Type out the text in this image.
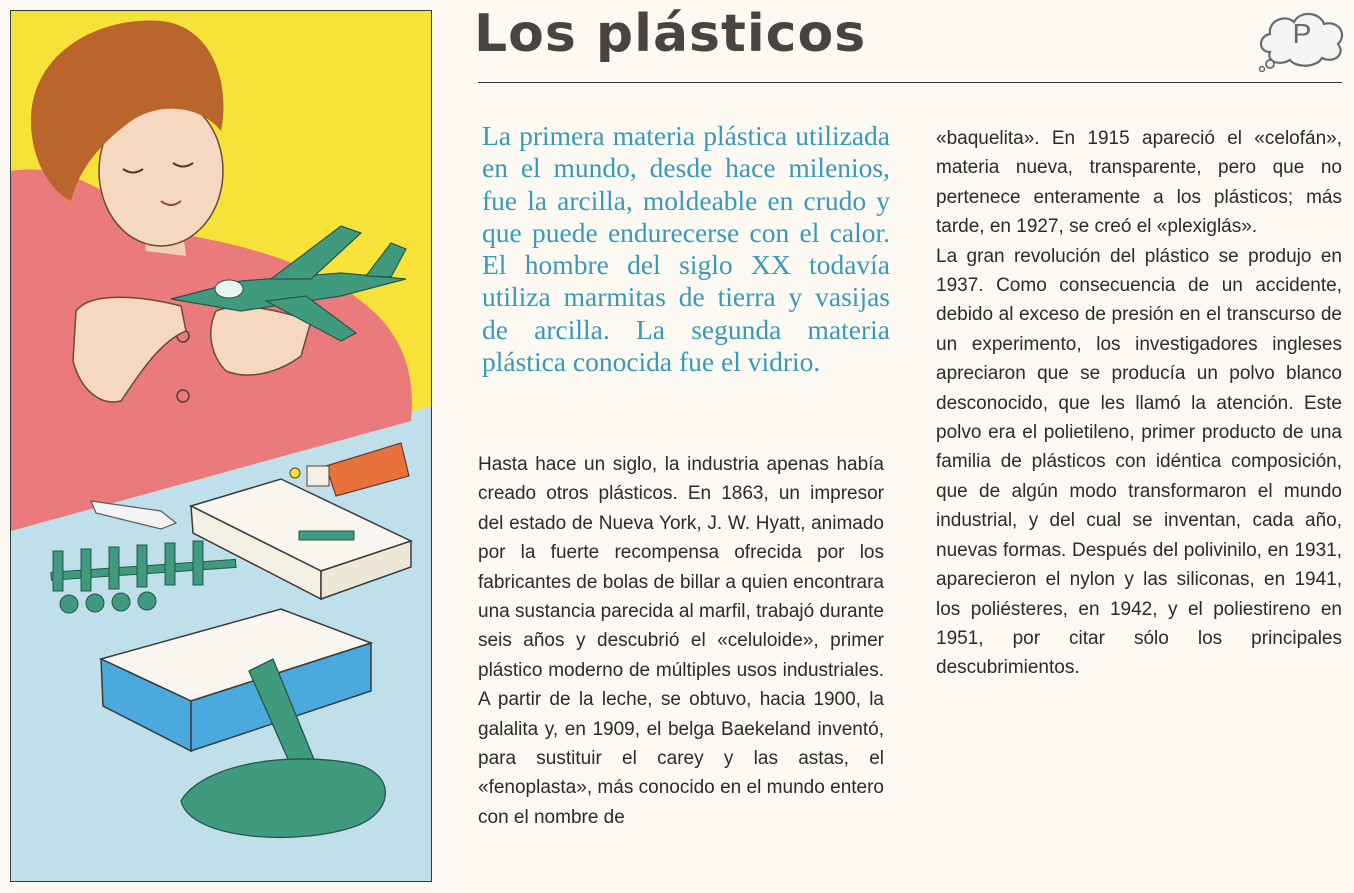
Los plásticos	P

La primera materia plástica utilizada en el mundo, desde hace milenios, fue la arcilla, moldeable en crudo y que puede endurecerse con el calor. El hombre del siglo XX todavía utiliza marmitas de tierra y vasijas de arcilla. La segunda materia plástica conocida fue el vidrio.

Hasta hace un siglo, la industria apenas había creado otros plásticos. En 1863, un impresor del estado de Nueva York, J. W. Hyatt, animado por la fuerte recompensa ofrecida por los fabricantes de bolas de billar a quien encontrara una sustancia parecida al marfil, trabajó durante seis años y descubrió el «celuloide», primer plástico moderno de múltiples usos industriales. A partir de la leche, se obtuvo, hacia 1900, la galalita y, en 1909, el belga Baekeland inventó, para sustituir el carey y las astas, el «fenoplasta», más conocido en el mundo entero con el nombre de

«baquelita». En 1915 apareció el «celofán», materia nueva, transparente, pero que no pertenece enteramente a los plásticos; más tarde, en 1927, se creó el «plexiglás».
La gran revolución del plástico se produjo en 1937. Como consecuencia de un accidente, debido al exceso de presión en el transcurso de un experimento, los investigadores ingleses apreciaron que se producía un polvo blanco desconocido, que les llamó la atención. Este polvo era el polietileno, primer producto de una familia de plásticos con idéntica composición, que de algún modo transformaron el mundo industrial, y del cual se inventan, cada año, nuevas formas. Después del polivinilo, en 1931, aparecieron el nylon y las siliconas, en 1941, los poliésteres, en 1942, y el poliestireno en 1951, por citar sólo los principales descubrimientos.
